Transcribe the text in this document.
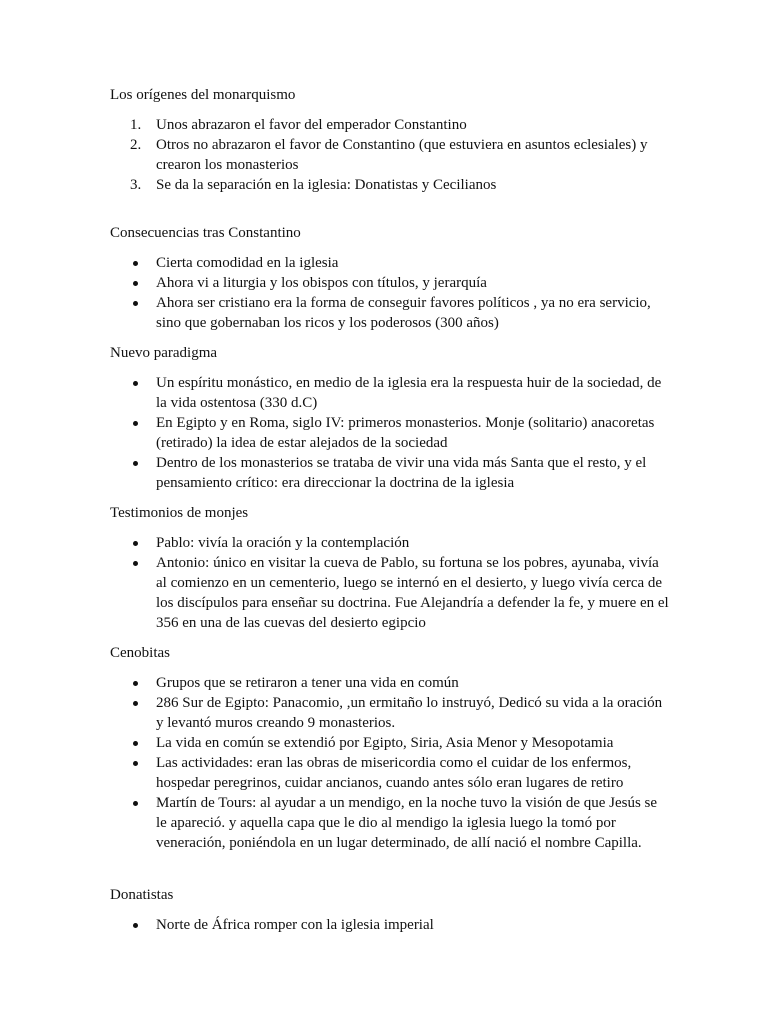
Los orígenes del monarquismo

1. Unos abrazaron el favor del emperador Constantino
2. Otros no abrazaron el favor de Constantino (que estuviera en asuntos eclesiales) y crearon los monasterios
3. Se da la separación en la iglesia: Donatistas y Cecilianos

Consecuencias tras Constantino

Cierta comodidad en la iglesia
Ahora vi a liturgia y los obispos con títulos, y jerarquía
Ahora ser cristiano era la forma de conseguir favores políticos , ya no era servicio, sino que gobernaban los ricos y los poderosos (300 años)

Nuevo paradigma

Un espíritu monástico, en medio de la iglesia era la respuesta huir de la sociedad, de la vida ostentosa (330 d.C)
En Egipto y en Roma, siglo IV: primeros monasterios. Monje (solitario) anacoretas (retirado) la idea de estar alejados de la sociedad
Dentro de los monasterios se trataba de vivir una vida más Santa que el resto, y el pensamiento crítico: era direccionar la doctrina de la iglesia

Testimonios de monjes

Pablo: vivía la oración y la contemplación
Antonio: único en visitar la cueva de Pablo, su fortuna se los pobres, ayunaba, vivía al comienzo en un cementerio, luego se internó en el desierto, y luego vivía cerca de los discípulos para enseñar su doctrina. Fue Alejandría a defender la fe, y muere en el 356 en una de las cuevas del desierto egipcio

Cenobitas

Grupos que se retiraron a tener una vida en común
286 Sur de Egipto: Panacomio, ,un ermitaño lo instruyó, Dedicó su vida a la oración y levantó muros creando 9 monasterios.
La vida en común se extendió por Egipto, Siria, Asia Menor y Mesopotamia
Las actividades: eran las obras de misericordia como el cuidar de los enfermos, hospedar peregrinos, cuidar ancianos, cuando antes sólo eran lugares de retiro
Martín de Tours: al ayudar a un mendigo, en la noche tuvo la visión de que Jesús se le apareció. y aquella capa que le dio al mendigo la iglesia luego la tomó por veneración, poniéndola en un lugar determinado, de allí nació el nombre Capilla.

Donatistas

Norte de África romper con la iglesia imperial
